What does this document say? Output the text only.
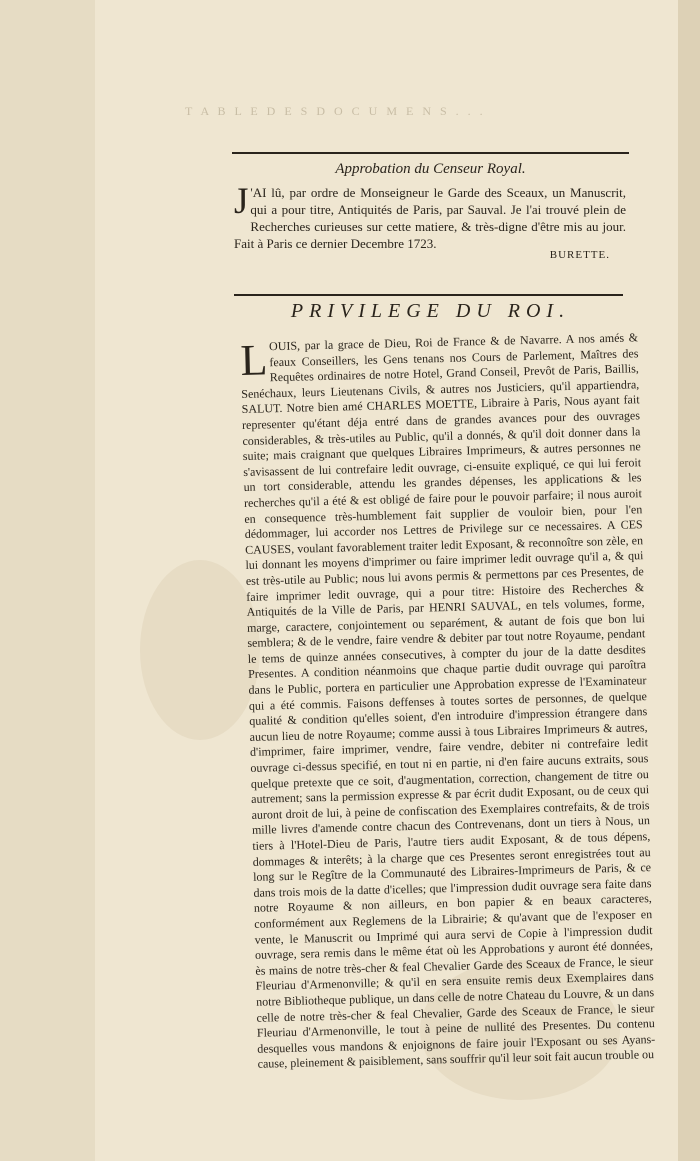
T A B L E D E S D O C U M E N S . . .
Approbation du Censeur Royal.
J 'AI lû, par ordre de Monseigneur le Garde des Sceaux, un Manuscrit, qui a pour titre, Antiquités de Paris, par Sauval. Je l'ai trouvé plein de Recherches curieuses sur cette matiere, & très-digne d'être mis au jour. Fait à Paris ce dernier Decembre 1723.
BURETTE.
PRIVILEGE DU ROI.
LOUIS, par la grace de Dieu, Roi de France & de Navarre. A nos amés & feaux Conseillers, les Gens tenans nos Cours de Parlement, Maîtres des Requêtes ordinaires de notre Hotel, Grand Conseil, Prevôt de Paris, Baillis, Senéchaux, leurs Lieutenans Civils, & autres nos Justiciers, qu'il appartiendra, SALUT. Notre bien amé CHARLES MOETTE, Libraire à Paris, Nous ayant fait representer qu'étant déja entré dans de grandes avances pour des ouvrages considerables, & très-utiles au Public, qu'il a donnés, & qu'il doit donner dans la suite; mais craignant que quelques Libraires Imprimeurs, & autres personnes ne s'avisassent de lui contrefaire ledit ouvrage, ci-ensuite expliqué, ce qui lui feroit un tort considerable, attendu les grandes dépenses, les applications & les recherches qu'il a été & est obligé de faire pour le pouvoir parfaire; il nous auroit en consequence très-humblement fait supplier de vouloir bien, pour l'en dédommager, lui accorder nos Lettres de Privilege sur ce necessaires. A CES CAUSES, voulant favorablement traiter ledit Exposant, & reconnoître son zèle, en lui donnant les moyens d'imprimer ou faire imprimer ledit ouvrage qu'il a, & qui est très-utile au Public; nous lui avons permis & permettons par ces Presentes, de faire imprimer ledit ouvrage, qui a pour titre: Histoire des Recherches & Antiquités de la Ville de Paris, par HENRI SAUVAL, en tels volumes, forme, marge, caractere, conjointement ou separément, & autant de fois que bon lui semblera; & de le vendre, faire vendre & debiter par tout notre Royaume, pendant le tems de quinze années consecutives, à compter du jour de la datte desdites Presentes. A condition néanmoins que chaque partie dudit ouvrage qui paroîtra dans le Public, portera en particulier une Approbation expresse de l'Examinateur qui a été commis. Faisons deffenses à toutes sortes de personnes, de quelque qualité & condition qu'elles soient, d'en introduire d'impression étrangere dans aucun lieu de notre Royaume; comme aussi à tous Libraires Imprimeurs & autres, d'imprimer, faire imprimer, vendre, faire vendre, debiter ni contrefaire ledit ouvrage ci-dessus specifié, en tout ni en partie, ni d'en faire aucuns extraits, sous quelque pretexte que ce soit, d'augmentation, correction, changement de titre ou autrement; sans la permission expresse & par écrit dudit Exposant, ou de ceux qui auront droit de lui, à peine de confiscation des Exemplaires contrefaits, & de trois mille livres d'amende contre chacun des Contrevenans, dont un tiers à Nous, un tiers à l'Hotel-Dieu de Paris, l'autre tiers audit Exposant, & de tous dépens, dommages & interêts; à la charge que ces Presentes seront enregistrées tout au long sur le Regître de la Communauté des Libraires-Imprimeurs de Paris, & ce dans trois mois de la datte d'icelles; que l'impression dudit ouvrage sera faite dans notre Royaume & non ailleurs, en bon papier & en beaux caracteres, conformément aux Reglemens de la Librairie; & qu'avant que de l'exposer en vente, le Manuscrit ou Imprimé qui aura servi de Copie à l'impression dudit ouvrage, sera remis dans le même état où les Approbations y auront été données, ès mains de notre très-cher & feal Chevalier Garde des Sceaux de France, le sieur Fleuriau d'Armenonville; & qu'il en sera ensuite remis deux Exemplaires dans notre Bibliotheque publique, un dans celle de notre Chateau du Louvre, & un dans celle de notre très-cher & feal Chevalier, Garde des Sceaux de France, le sieur Fleuriau d'Armenonville, le tout à peine de nullité des Presentes. Du contenu desquelles vous mandons & enjoignons de faire jouir l'Exposant ou ses Ayans-cause, pleinement & paisiblement, sans souffrir qu'il leur soit fait aucun trouble ou
